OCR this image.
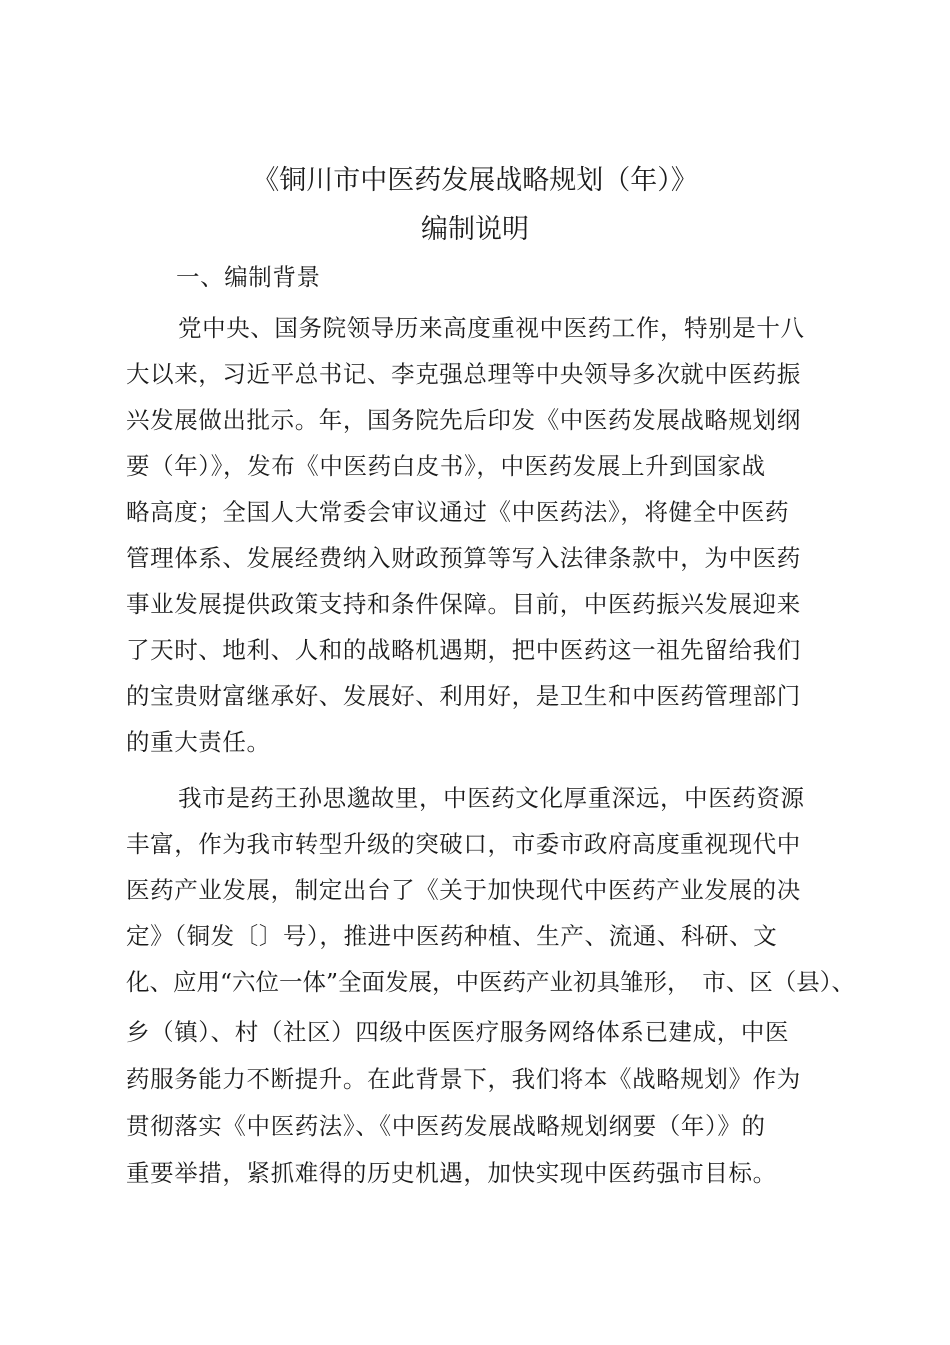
《铜川市中医药发展战略规划（年）》
编制说明
一、编制背景
党中央、国务院领导历来高度重视中医药工作，特别是十八
大以来，习近平总书记、李克强总理等中央领导多次就中医药振
兴发展做出批示。年，国务院先后印发《中医药发展战略规划纲
要（年）》，发布《中医药白皮书》，中医药发展上升到国家战
略高度；全国人大常委会审议通过《中医药法》，将健全中医药
管理体系、发展经费纳入财政预算等写入法律条款中，为中医药
事业发展提供政策支持和条件保障。目前，中医药振兴发展迎来
了天时、地利、人和的战略机遇期，把中医药这一祖先留给我们
的宝贵财富继承好、发展好、利用好，是卫生和中医药管理部门
的重大责任。
我市是药王孙思邈故里，中医药文化厚重深远，中医药资源
丰富，作为我市转型升级的突破口，市委市政府高度重视现代中
医药产业发展，制定出台了《关于加快现代中医药产业发展的决
定》（铜发〔〕号），推进中医药种植、生产、流通、科研、文
化、应用“六位一体”全面发展，中医药产业初具雏形，　市、区（县）、
乡（镇）、村（社区）四级中医医疗服务网络体系已建成，中医
药服务能力不断提升。在此背景下，我们将本《战略规划》作为
贯彻落实《中医药法》、《中医药发展战略规划纲要（年）》的
重要举措，紧抓难得的历史机遇，加快实现中医药强市目标。
